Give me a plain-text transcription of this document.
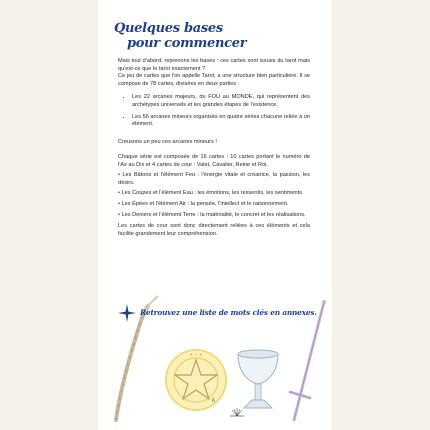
Quelques bases
pour commencer

Mais tout d'abord, reprenons les bases : ces cartes sont issues du tarot mais qu'est-ce que le tarot exactement ?

Ce jeu de cartes que l'on appelle Tarot, a une structure bien particulière. Il se compose de 78 cartes, divisées en deux parties :

• Les 22 arcanes majeurs, du FOU au MONDE, qui représentent des archétypes universels et les grandes étapes de l'existence.
• Les 56 arcanes mineurs organisés en quatre séries chacune reliée à un élément.

Creusons un peu ces arcanes mineurs !

Chaque série est composée de 16 cartes : 10 cartes portant le numéro de l'As au Dix et 4 cartes de cour : Valet, Cavalier, Reine et Roi.

• Les Bâtons et l'élément Feu : l'énergie vitale et créatrice, la passion, les désirs.
• Les Coupes et l'élément Eau : les émotions, les ressentis, les sentiments.
• Les Épées et l'élément Air : la pensée, l'intellect et le raisonnement.
• Les Deniers et l'élément Terre : la matérialité, le concret et les réalisations.

Les cartes de cour sont donc directement reliées à ces éléments et cela facilite grandement leur compréhension.

✦ ✧ ✦
Retrouvez une liste de mots clés en annexes.
6
